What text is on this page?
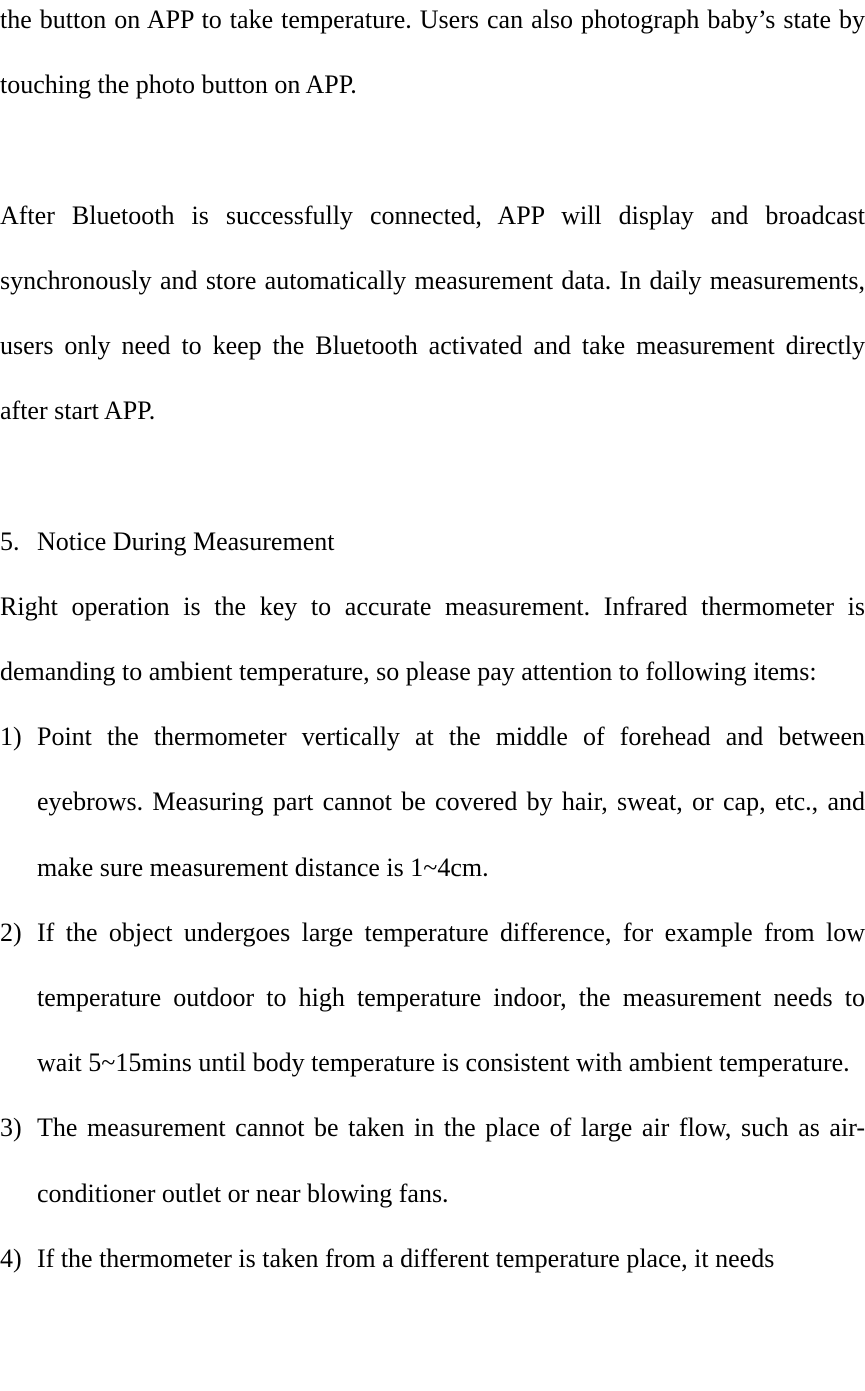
the button on APP to take temperature. Users can also photograph baby’s state by touching the photo button on APP.

After Bluetooth is successfully connected, APP will display and broadcast synchronously and store automatically measurement data. In daily measurements, users only need to keep the Bluetooth activated and take measurement directly after start APP.

5. Notice During Measurement

Right operation is the key to accurate measurement. Infrared thermometer is demanding to ambient temperature, so please pay attention to following items:

1) Point the thermometer vertically at the middle of forehead and between eyebrows. Measuring part cannot be covered by hair, sweat, or cap, etc., and make sure measurement distance is 1~4cm.
2) If the object undergoes large temperature difference, for example from low temperature outdoor to high temperature indoor, the measurement needs to wait 5~15mins until body temperature is consistent with ambient temperature.
3) The measurement cannot be taken in the place of large air flow, such as air-conditioner outlet or near blowing fans.
4) If the thermometer is taken from a different temperature place, it needs
